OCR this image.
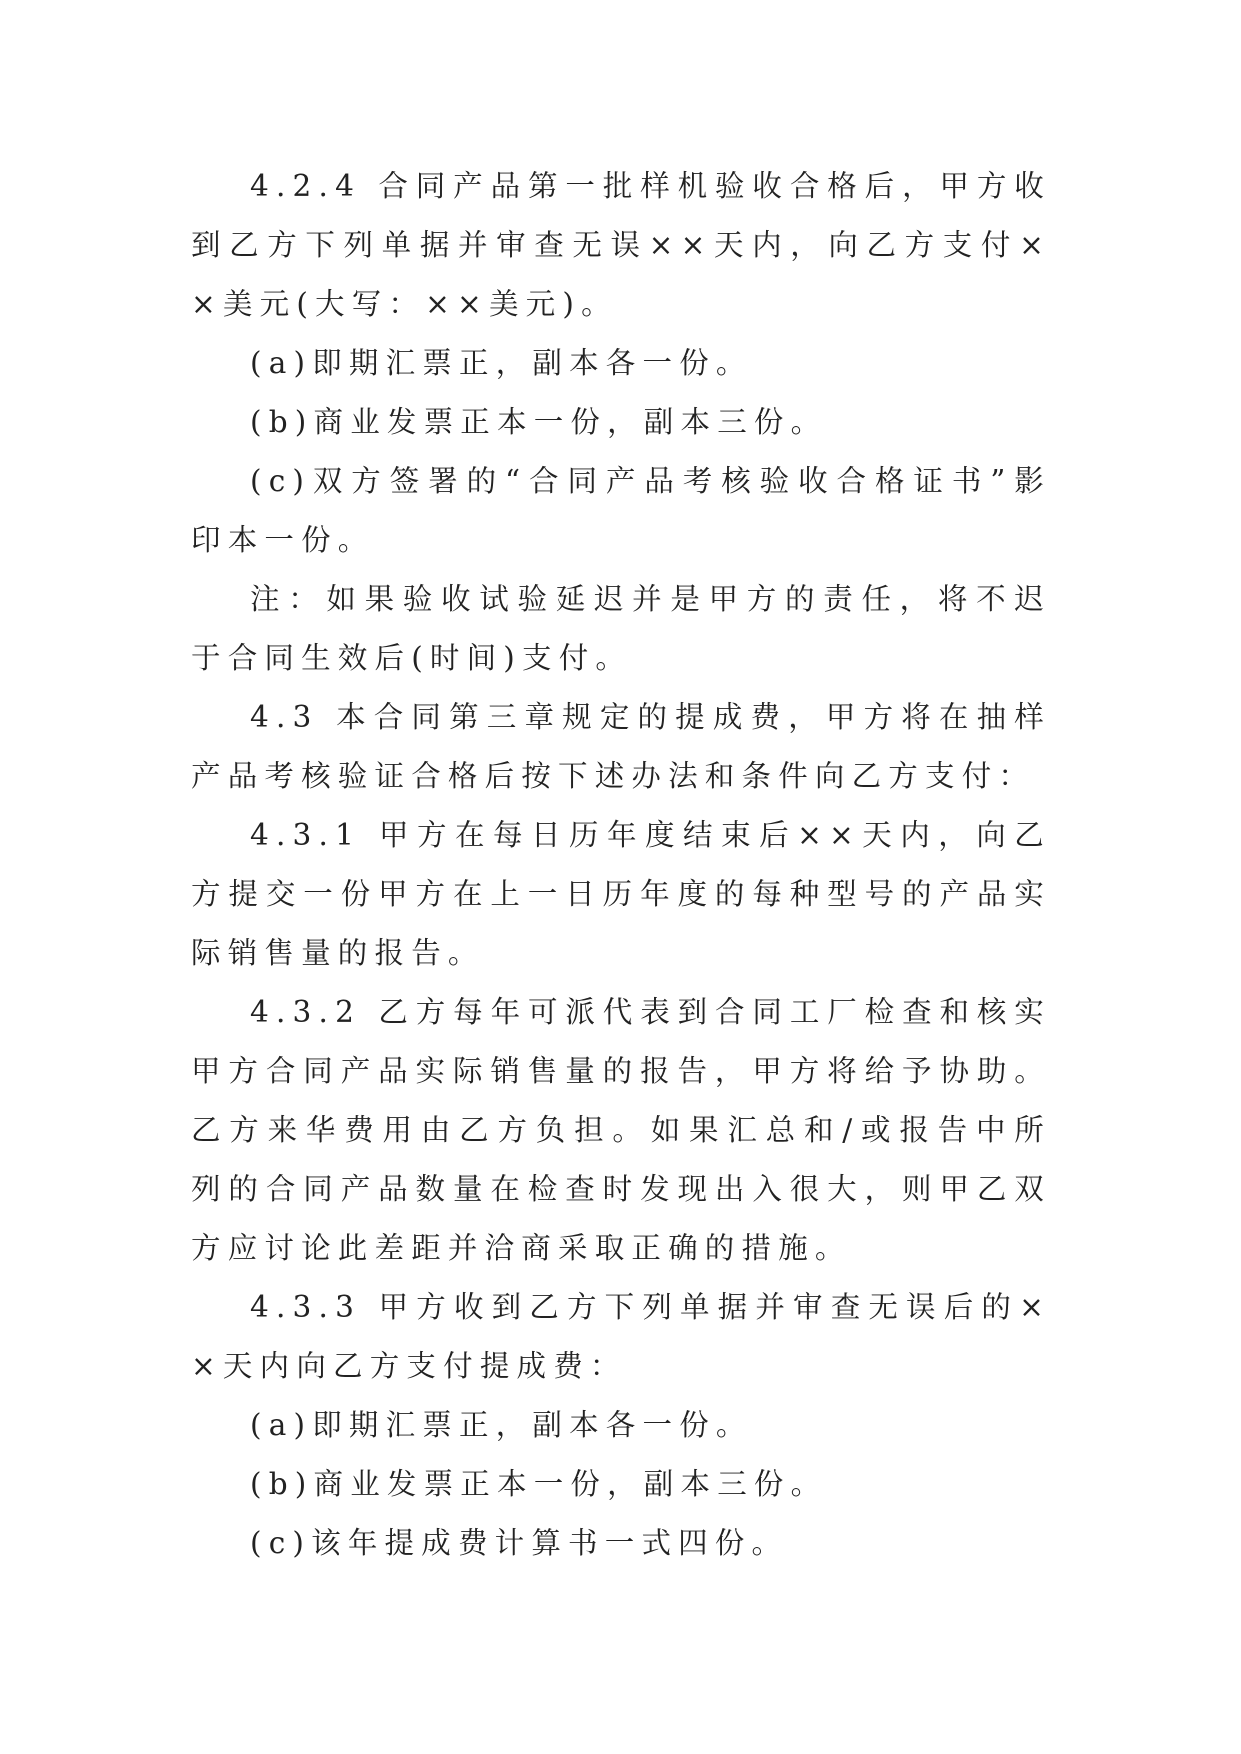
4.2.4 合同产品第一批样机验收合格后，甲方收到乙方下列单据并审查无误××天内，向乙方支付××美元(大写：××美元)。

(a)即期汇票正，副本各一份。

(b)商业发票正本一份，副本三份。

(c)双方签署的“合同产品考核验收合格证书”影印本一份。

注：如果验收试验延迟并是甲方的责任，将不迟于合同生效后(时间)支付。

4.3 本合同第三章规定的提成费，甲方将在抽样产品考核验证合格后按下述办法和条件向乙方支付：

4.3.1 甲方在每日历年度结束后××天内，向乙方提交一份甲方在上一日历年度的每种型号的产品实际销售量的报告。

4.3.2 乙方每年可派代表到合同工厂检查和核实甲方合同产品实际销售量的报告，甲方将给予协助。乙方来华费用由乙方负担。如果汇总和/或报告中所列的合同产品数量在检查时发现出入很大，则甲乙双方应讨论此差距并洽商采取正确的措施。

4.3.3 甲方收到乙方下列单据并审查无误后的××天内向乙方支付提成费：

(a)即期汇票正，副本各一份。

(b)商业发票正本一份，副本三份。

(c)该年提成费计算书一式四份。
